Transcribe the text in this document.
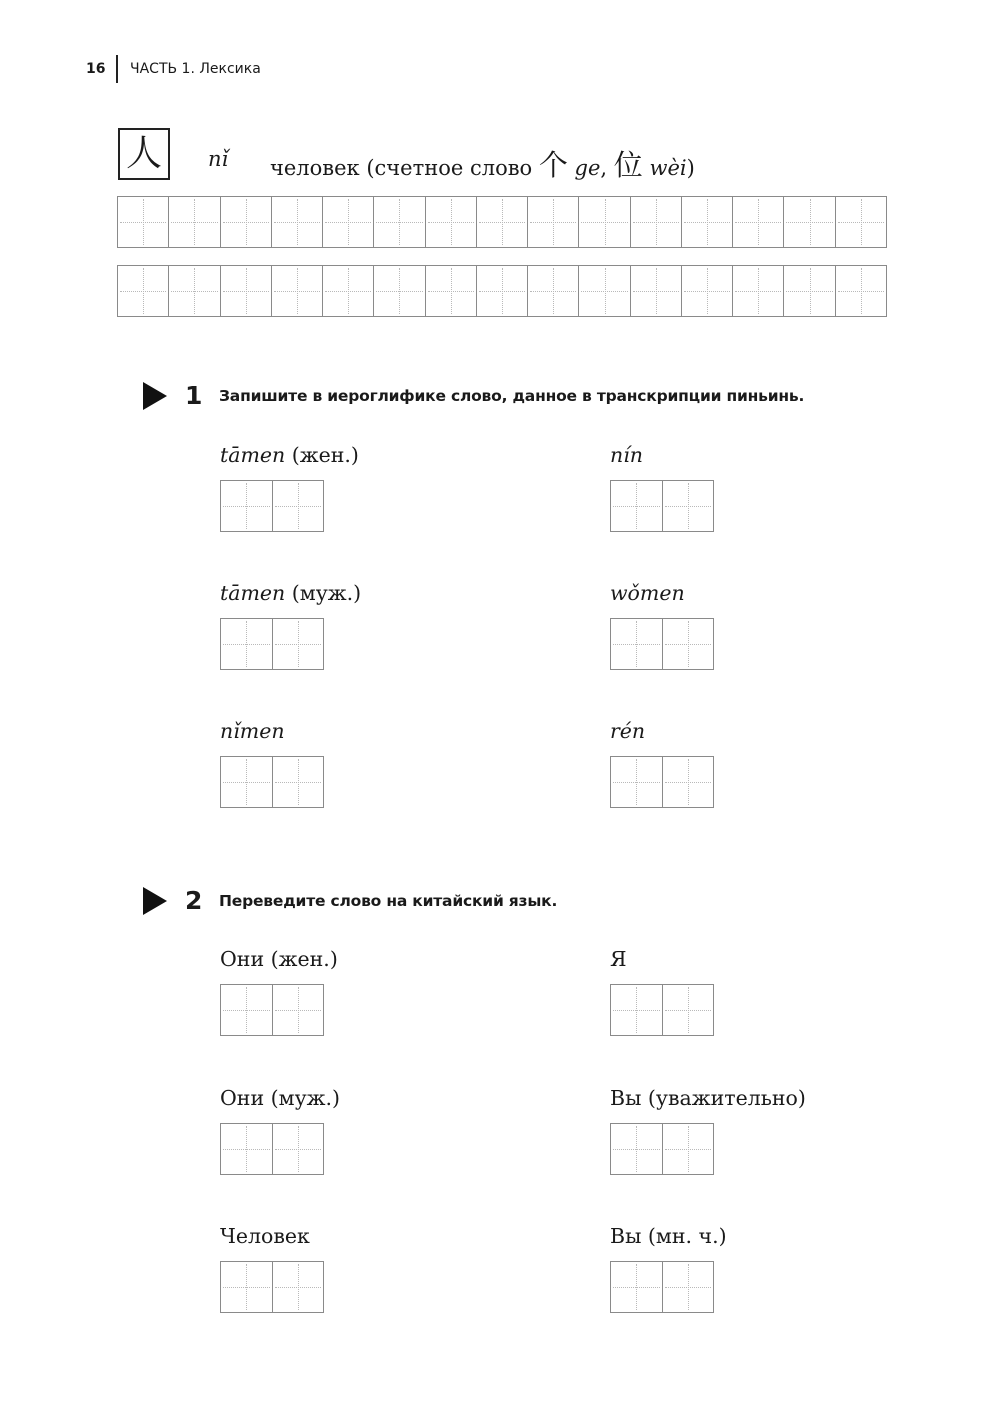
16	ЧАСТЬ 1. Лексика
人 nǐ человек (счетное слово 个 ge, 位 wèi)
1	Запишите в иероглифике слово, данное в транскрипции пиньинь.
tāmen (жен.)	nín
tāmen (муж.)	wǒmen
nǐmen	rén
2	Переведите слово на китайский язык.
Они (жен.)	Я
Они (муж.)	Вы (уважительно)
Человек	Вы (мн. ч.)
